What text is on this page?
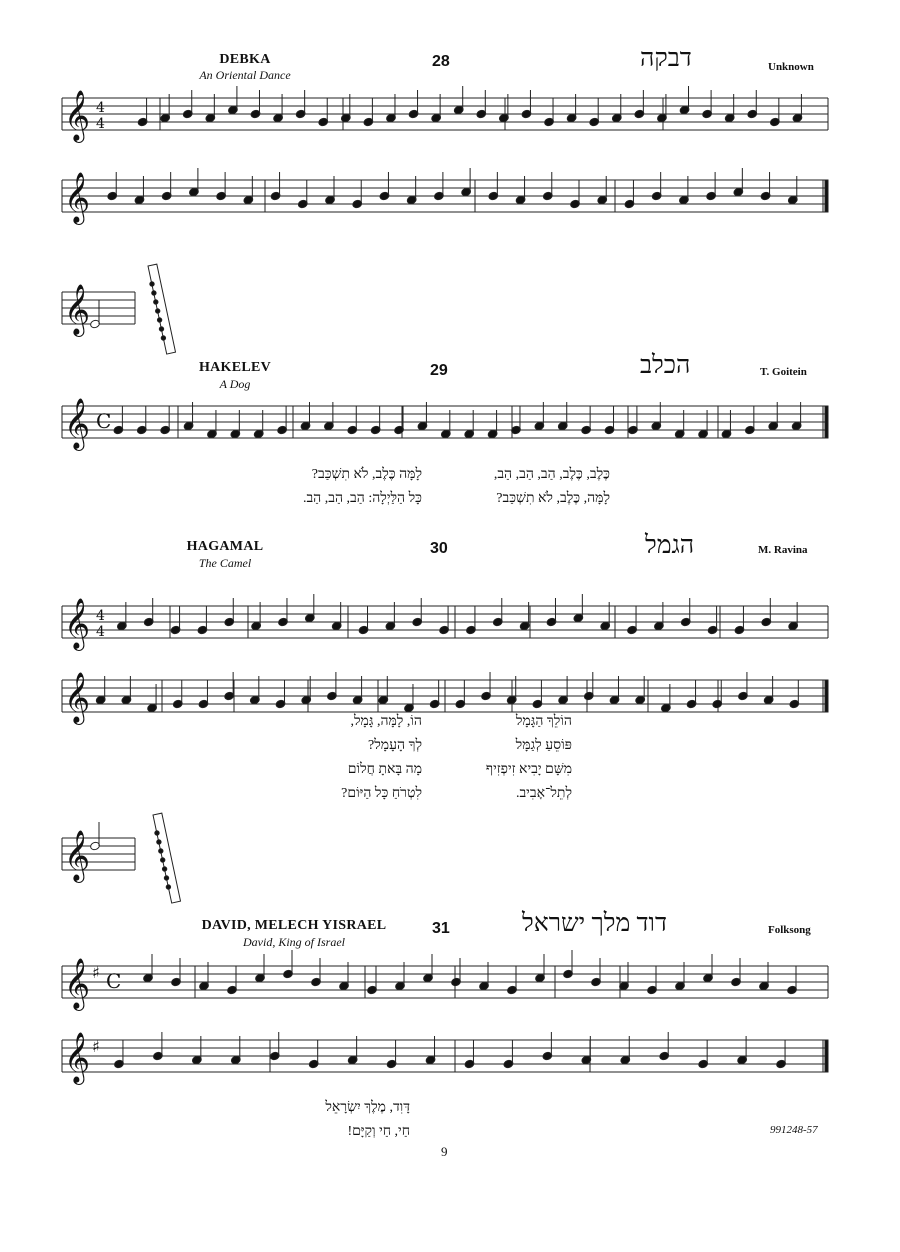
DEBKA
An Oriental Dance
28	דבקה	Unknown
𝄞 4
4
𝄞
𝄞
𝄞 C
𝄞 4
4
𝄞
𝄞
𝄞 C
♯
𝄞 ♯
HAKELEV
A Dog
29	הכלב	T. Goitein
כֶּלֶב, כֶּלֶב, הַב, הַב, הַב,
לָמָּה, כֶּלֶב, לֹא תִשְׁכַּב?
לָמָּה כֶּלֶב, לֹא תִשְׁכַּב?
כָּל הַלַּיְלָה: הַב, הַב, הַב.
HAGAMAL
The Camel
30	הגמל	M. Ravina
הוֹלֵךְ הַגָּמָל
פּוֹסֵעַ לְגַמָּל
מִשָּׁם יָבִיא זִיפְזִיף
לְתֵל־אָבִיב.
הוֹ, לָמָּה, גָּמָל,
לְךָ הָעָמָל?
מָה בָּאתָ חֲלוֹם
לִטְרֹחַ כָּל הַיּוֹם?
DAVID, MELECH YISRAEL
David, King of Israel
31	דוד מלך ישראל	Folksong
דָּוִד, מֶלֶךְ יִשְׂרָאֵל
חַי, חַי וְקַיָּם!	991248-57
9
